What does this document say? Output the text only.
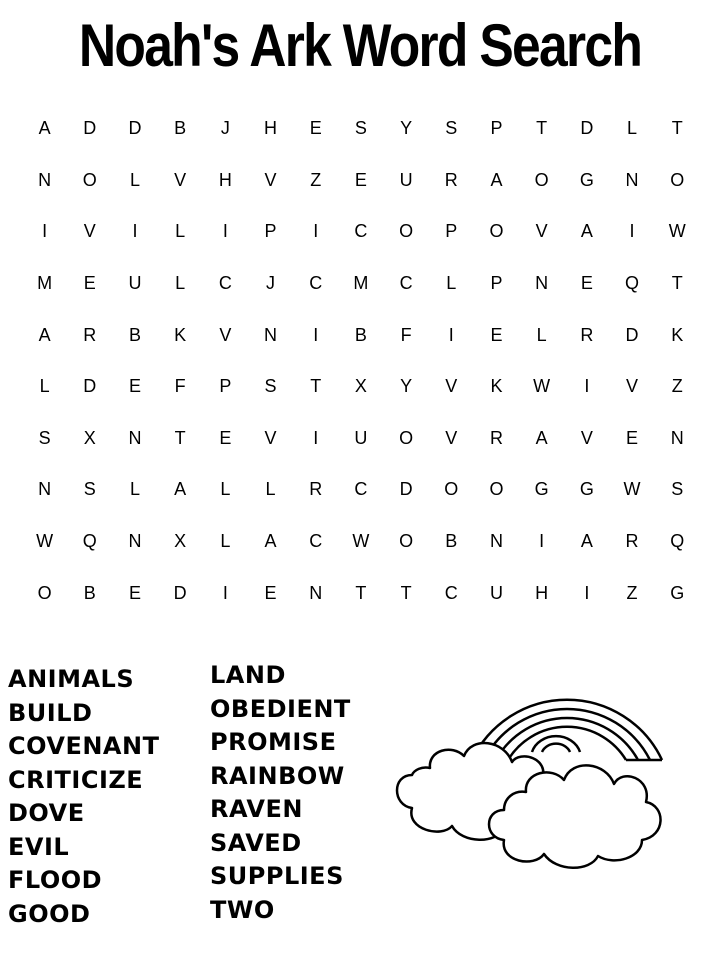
Noah's Ark Word Search
A	D	D	B	J	H	E	S	Y	S	P	T	D	L	T
N	O	L	V	H	V	Z	E	U	R	A	O	G	N	O
I	V	I	L	I	P	I	C	O	P	O	V	A	I	W
M	E	U	L	C	J	C	M	C	L	P	N	E	Q	T
A	R	B	K	V	N	I	B	F	I	E	L	R	D	K
L	D	E	F	P	S	T	X	Y	V	K	W	I	V	Z
S	X	N	T	E	V	I	U	O	V	R	A	V	E	N
N	S	L	A	L	L	R	C	D	O	O	G	G	W	S
W	Q	N	X	L	A	C	W	O	B	N	I	A	R	Q
O	B	E	D	I	E	N	T	T	C	U	H	I	Z	G
ANIMALS
BUILD
COVENANT
CRITICIZE
DOVE
EVIL
FLOOD
GOOD
LAND
OBEDIENT
PROMISE
RAINBOW
RAVEN
SAVED
SUPPLIES
TWO
